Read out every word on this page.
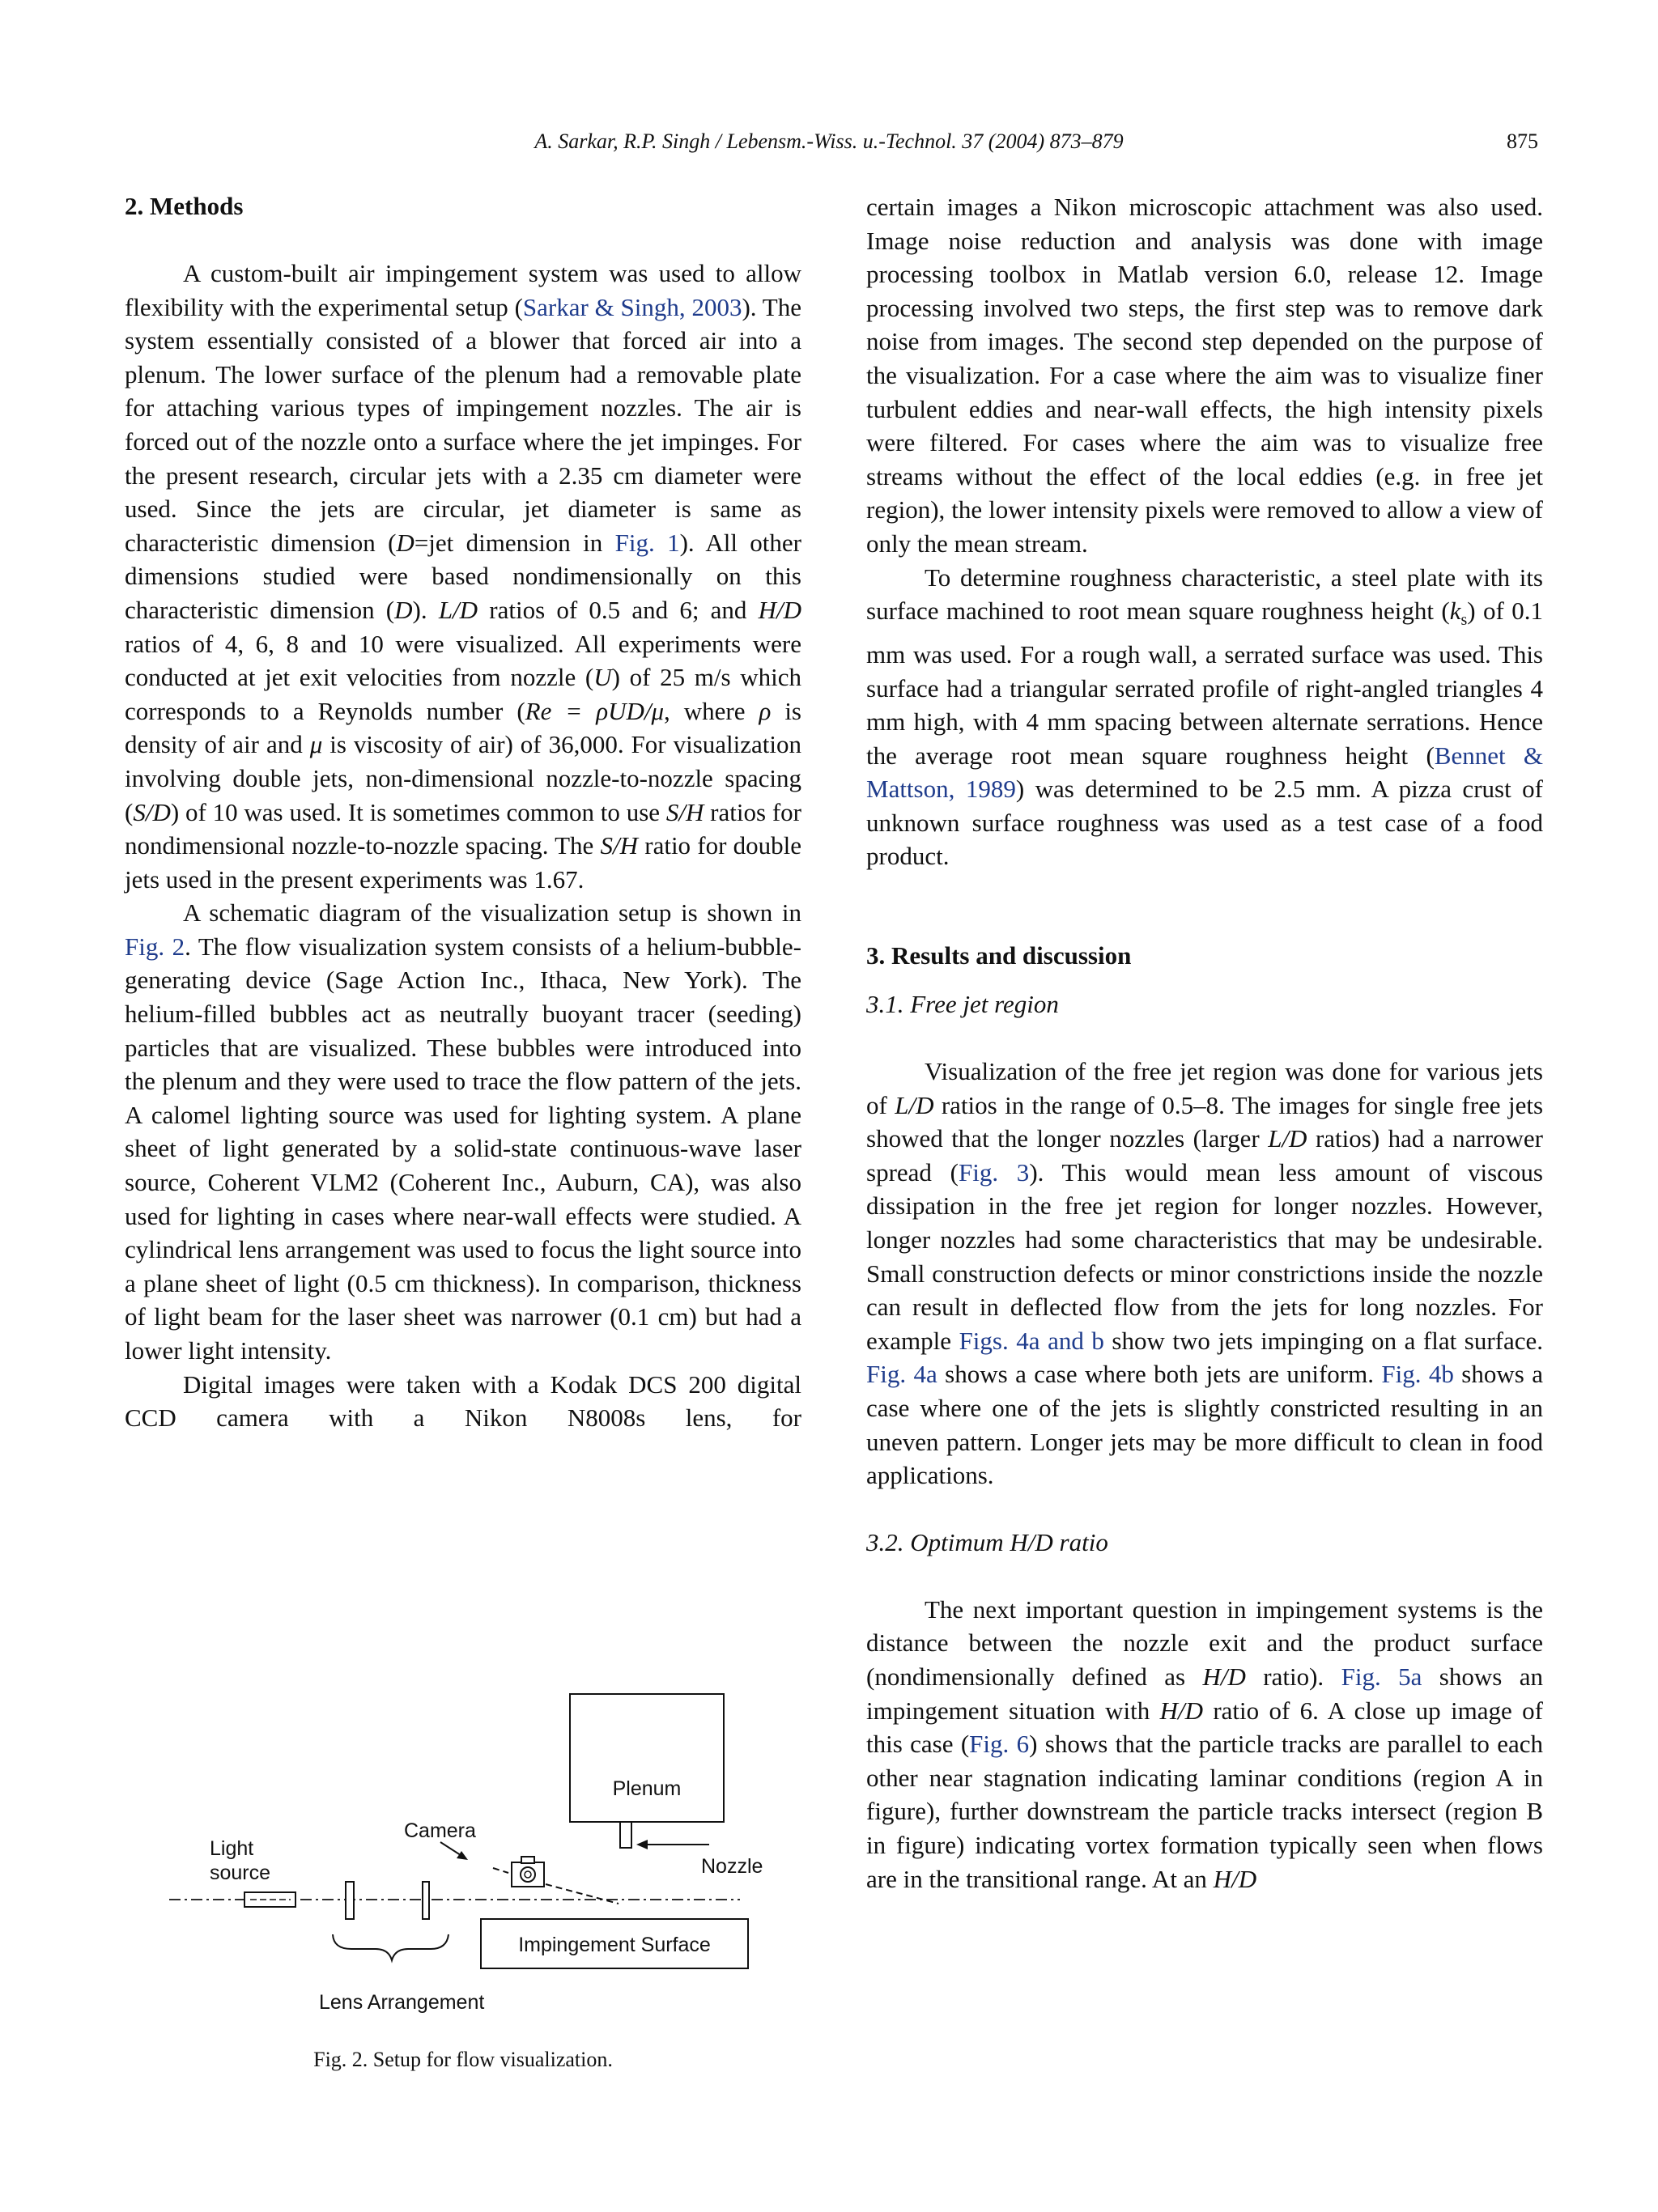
A. Sarkar, R.P. Singh / Lebensm.-Wiss. u.-Technol. 37 (2004) 873–879	875
2. Methods

A custom-built air impingement system was used to allow flexibility with the experimental setup (Sarkar & Singh, 2003). The system essentially consisted of a blower that forced air into a plenum. The lower surface of the plenum had a removable plate for attaching various types of impingement nozzles. The air is forced out of the nozzle onto a surface where the jet impinges. For the present research, circular jets with a 2.35 cm diameter were used. Since the jets are circular, jet diameter is same as characteristic dimension (D=jet dimension in Fig. 1). All other dimensions studied were based nondimensionally on this characteristic dimension (D). L/D ratios of 0.5 and 6; and H/D ratios of 4, 6, 8 and 10 were visualized. All experiments were conducted at jet exit velocities from nozzle (U) of 25 m/s which corresponds to a Reynolds number (Re = ρUD/μ, where ρ is density of air and μ is viscosity of air) of 36,000. For visualization involving double jets, non-dimensional nozzle-to-nozzle spacing (S/D) of 10 was used. It is sometimes common to use S/H ratios for nondimensional nozzle-to-nozzle spacing. The S/H ratio for double jets used in the present experiments was 1.67.

A schematic diagram of the visualization setup is shown in Fig. 2. The flow visualization system consists of a helium-bubble-generating device (Sage Action Inc., Ithaca, New York). The helium-filled bubbles act as neutrally buoyant tracer (seeding) particles that are visualized. These bubbles were introduced into the plenum and they were used to trace the flow pattern of the jets. A calomel lighting source was used for lighting system. A plane sheet of light generated by a solid-state continuous-wave laser source, Coherent VLM2 (Coherent Inc., Auburn, CA), was also used for lighting in cases where near-wall effects were studied. A cylindrical lens arrangement was used to focus the light source into a plane sheet of light (0.5 cm thickness). In comparison, thickness of light beam for the laser sheet was narrower (0.1 cm) but had a lower light intensity.

Digital images were taken with a Kodak DCS 200 digital CCD camera with a Nikon N8008s lens, for

Plenum
Nozzle
Camera
Light
source
Lens Arrangement
Impingement Surface
Fig. 2. Setup for flow visualization.

certain images a Nikon microscopic attachment was also used. Image noise reduction and analysis was done with image processing toolbox in Matlab version 6.0, release 12. Image processing involved two steps, the first step was to remove dark noise from images. The second step depended on the purpose of the visualization. For a case where the aim was to visualize finer turbulent eddies and near-wall effects, the high intensity pixels were filtered. For cases where the aim was to visualize free streams without the effect of the local eddies (e.g. in free jet region), the lower intensity pixels were removed to allow a view of only the mean stream.

To determine roughness characteristic, a steel plate with its surface machined to root mean square roughness height $(k_s)$ of 0.1 mm was used. For a rough wall, a serrated surface was used. This surface had a triangular serrated profile of right-angled triangles 4 mm high, with 4 mm spacing between alternate serrations. Hence the average root mean square roughness height (Bennet & Mattson, 1989) was determined to be 2.5 mm. A pizza crust of unknown surface roughness was used as a test case of a food product.

3. Results and discussion
3.1. Free jet region

Visualization of the free jet region was done for various jets of L/D ratios in the range of 0.5–8. The images for single free jets showed that the longer nozzles (larger L/D ratios) had a narrower spread (Fig. 3). This would mean less amount of viscous dissipation in the free jet region for longer nozzles. However, longer nozzles had some characteristics that may be undesirable. Small construction defects or minor constrictions inside the nozzle can result in deflected flow from the jets for long nozzles. For example Figs. 4a and b show two jets impinging on a flat surface. Fig. 4a shows a case where both jets are uniform. Fig. 4b shows a case where one of the jets is slightly constricted resulting in an uneven pattern. Longer jets may be more difficult to clean in food applications.

3.2. Optimum H/D ratio

The next important question in impingement systems is the distance between the nozzle exit and the product surface (nondimensionally defined as H/D ratio). Fig. 5a shows an impingement situation with H/D ratio of 6. A close up image of this case (Fig. 6) shows that the particle tracks are parallel to each other near stagnation indicating laminar conditions (region A in figure), further downstream the particle tracks intersect (region B in figure) indicating vortex formation typically seen when flows are in the transitional range. At an H/D
